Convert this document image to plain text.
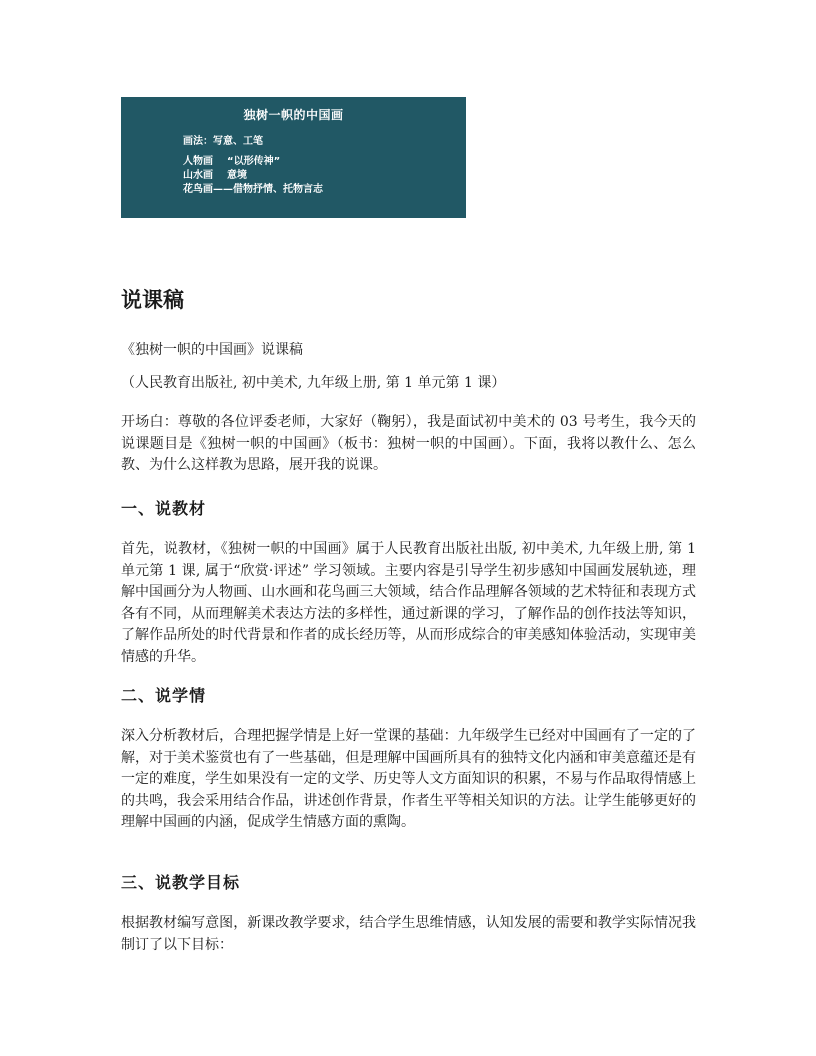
独树一帜的中国画
画法：写意、工笔
人物画 “以形传神”
山水画 意境
花鸟画——借物抒情、托物言志
说课稿

《独树一帜的中国画》说课稿

（人民教育出版社, 初中美术, 九年级上册, 第 1 单元第 1 课）

开场白：尊敬的各位评委老师，大家好（鞠躬），我是面试初中美术的 03 号考生，我今天的说课题目是《独树一帜的中国画》（板书：独树一帜的中国画）。下面，我将以教什么、怎么教、为什么这样教为思路，展开我的说课。

一、说教材

首先，说教材，《独树一帜的中国画》属于人民教育出版社出版, 初中美术, 九年级上册, 第 1 单元第 1 课, 属于“欣赏·评述” 学习领域。主要内容是引导学生初步感知中国画发展轨迹，理解中国画分为人物画、山水画和花鸟画三大领域，结合作品理解各领域的艺术特征和表现方式各有不同，从而理解美术表达方法的多样性，通过新课的学习，了解作品的创作技法等知识，了解作品所处的时代背景和作者的成长经历等，从而形成综合的审美感知体验活动，实现审美情感的升华。

二、说学情

深入分析教材后，合理把握学情是上好一堂课的基础：九年级学生已经对中国画有了一定的了解，对于美术鉴赏也有了一些基础，但是理解中国画所具有的独特文化内涵和审美意蕴还是有一定的难度，学生如果没有一定的文学、历史等人文方面知识的积累，不易与作品取得情感上的共鸣，我会采用结合作品，讲述创作背景，作者生平等相关知识的方法。让学生能够更好的理解中国画的内涵，促成学生情感方面的熏陶。

三、说教学目标

根据教材编写意图，新课改教学要求，结合学生思维情感，认知发展的需要和教学实际情况我制订了以下目标：
